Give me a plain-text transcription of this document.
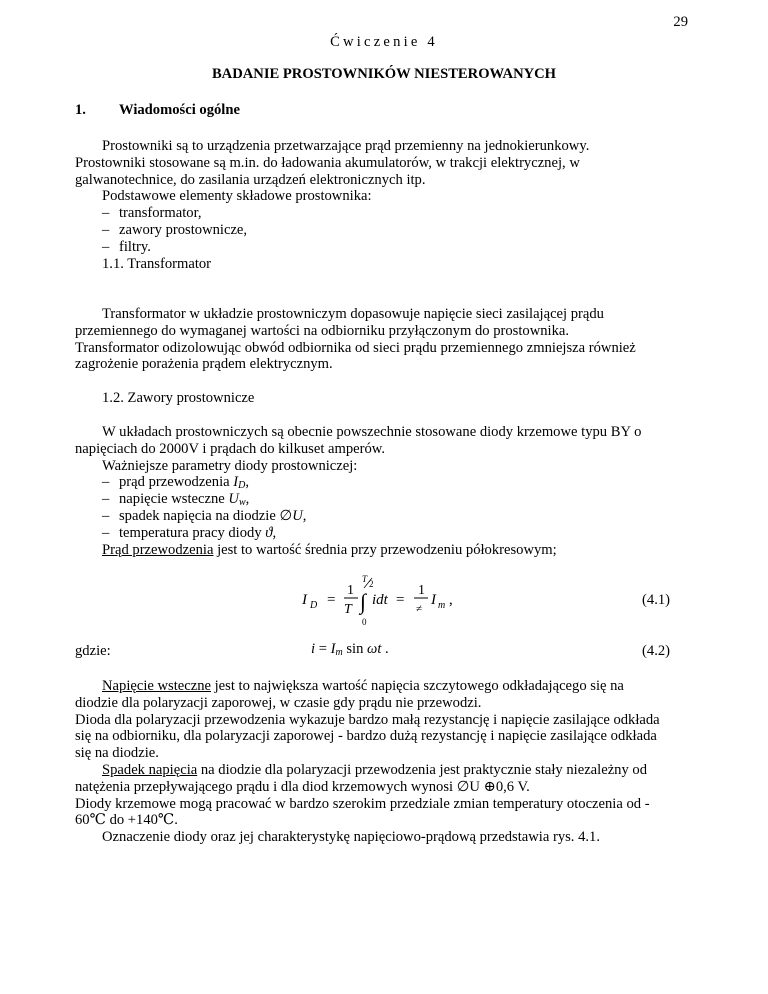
29
Ćwiczenie 4
BADANIE PROSTOWNIKÓW NIESTEROWANYCH
1. Wiadomości ogólne
Prostowniki są to urządzenia przetwarzające prąd przemienny na jednokierunkowy.
Prostowniki stosowane są m.in. do ładowania akumulatorów, w trakcji elektrycznej, w
galwanotechnice, do zasilania urządzeń elektronicznych itp.
Podstawowe elementy składowe prostownika:
– transformator,
– zawory prostownicze,
– filtry.
1.1. Transformator
Transformator w układzie prostowniczym dopasowuje napięcie sieci zasilającej prądu
przemiennego do wymaganej wartości na odbiorniku przyłączonym do prostownika.
Transformator odizolowując obwód odbiornika od sieci prądu przemiennego zmniejsza również
zagrożenie porażenia prądem elektrycznym.
1.2. Zawory prostownicze
W układach prostowniczych są obecnie powszechnie stosowane diody krzemowe typu BY o
napięciach do 2000V i prądach do kilkuset amperów.
Ważniejsze parametry diody prostowniczej:
– prąd przewodzenia $I_D$,
– napięcie wsteczne $U_w$,
– spadek napięcia na diodzie ∅U,
– temperatura pracy diody ϑ,
Prąd przewodzenia jest to wartość średnia przy przewodzeniu półokresowym;
I D =
1
T ∫
T 2
0
idt =
1
≠
I m ,	(4.1)
gdzie:	$i = I_m$ sin ωt .	(4.2)
Napięcie wsteczne jest to największa wartość napięcia szczytowego odkładającego się na
diodzie dla polaryzacji zaporowej, w czasie gdy prądu nie przewodzi.
Dioda dla polaryzacji przewodzenia wykazuje bardzo małą rezystancję i napięcie zasilające odkłada
się na odbiorniku, dla polaryzacji zaporowej - bardzo dużą rezystancję i napięcie zasilające odkłada
się na diodzie.
Spadek napięcia na diodzie dla polaryzacji przewodzenia jest praktycznie stały niezależny od
natężenia przepływającego prądu i dla diod krzemowych wynosi ∅U ⊕0,6 V.
Diody krzemowe mogą pracować w bardzo szerokim przedziale zmian temperatury otoczenia od -
60℃ do +140℃.
Oznaczenie diody oraz jej charakterystykę napięciowo-prądową przedstawia rys. 4.1.
